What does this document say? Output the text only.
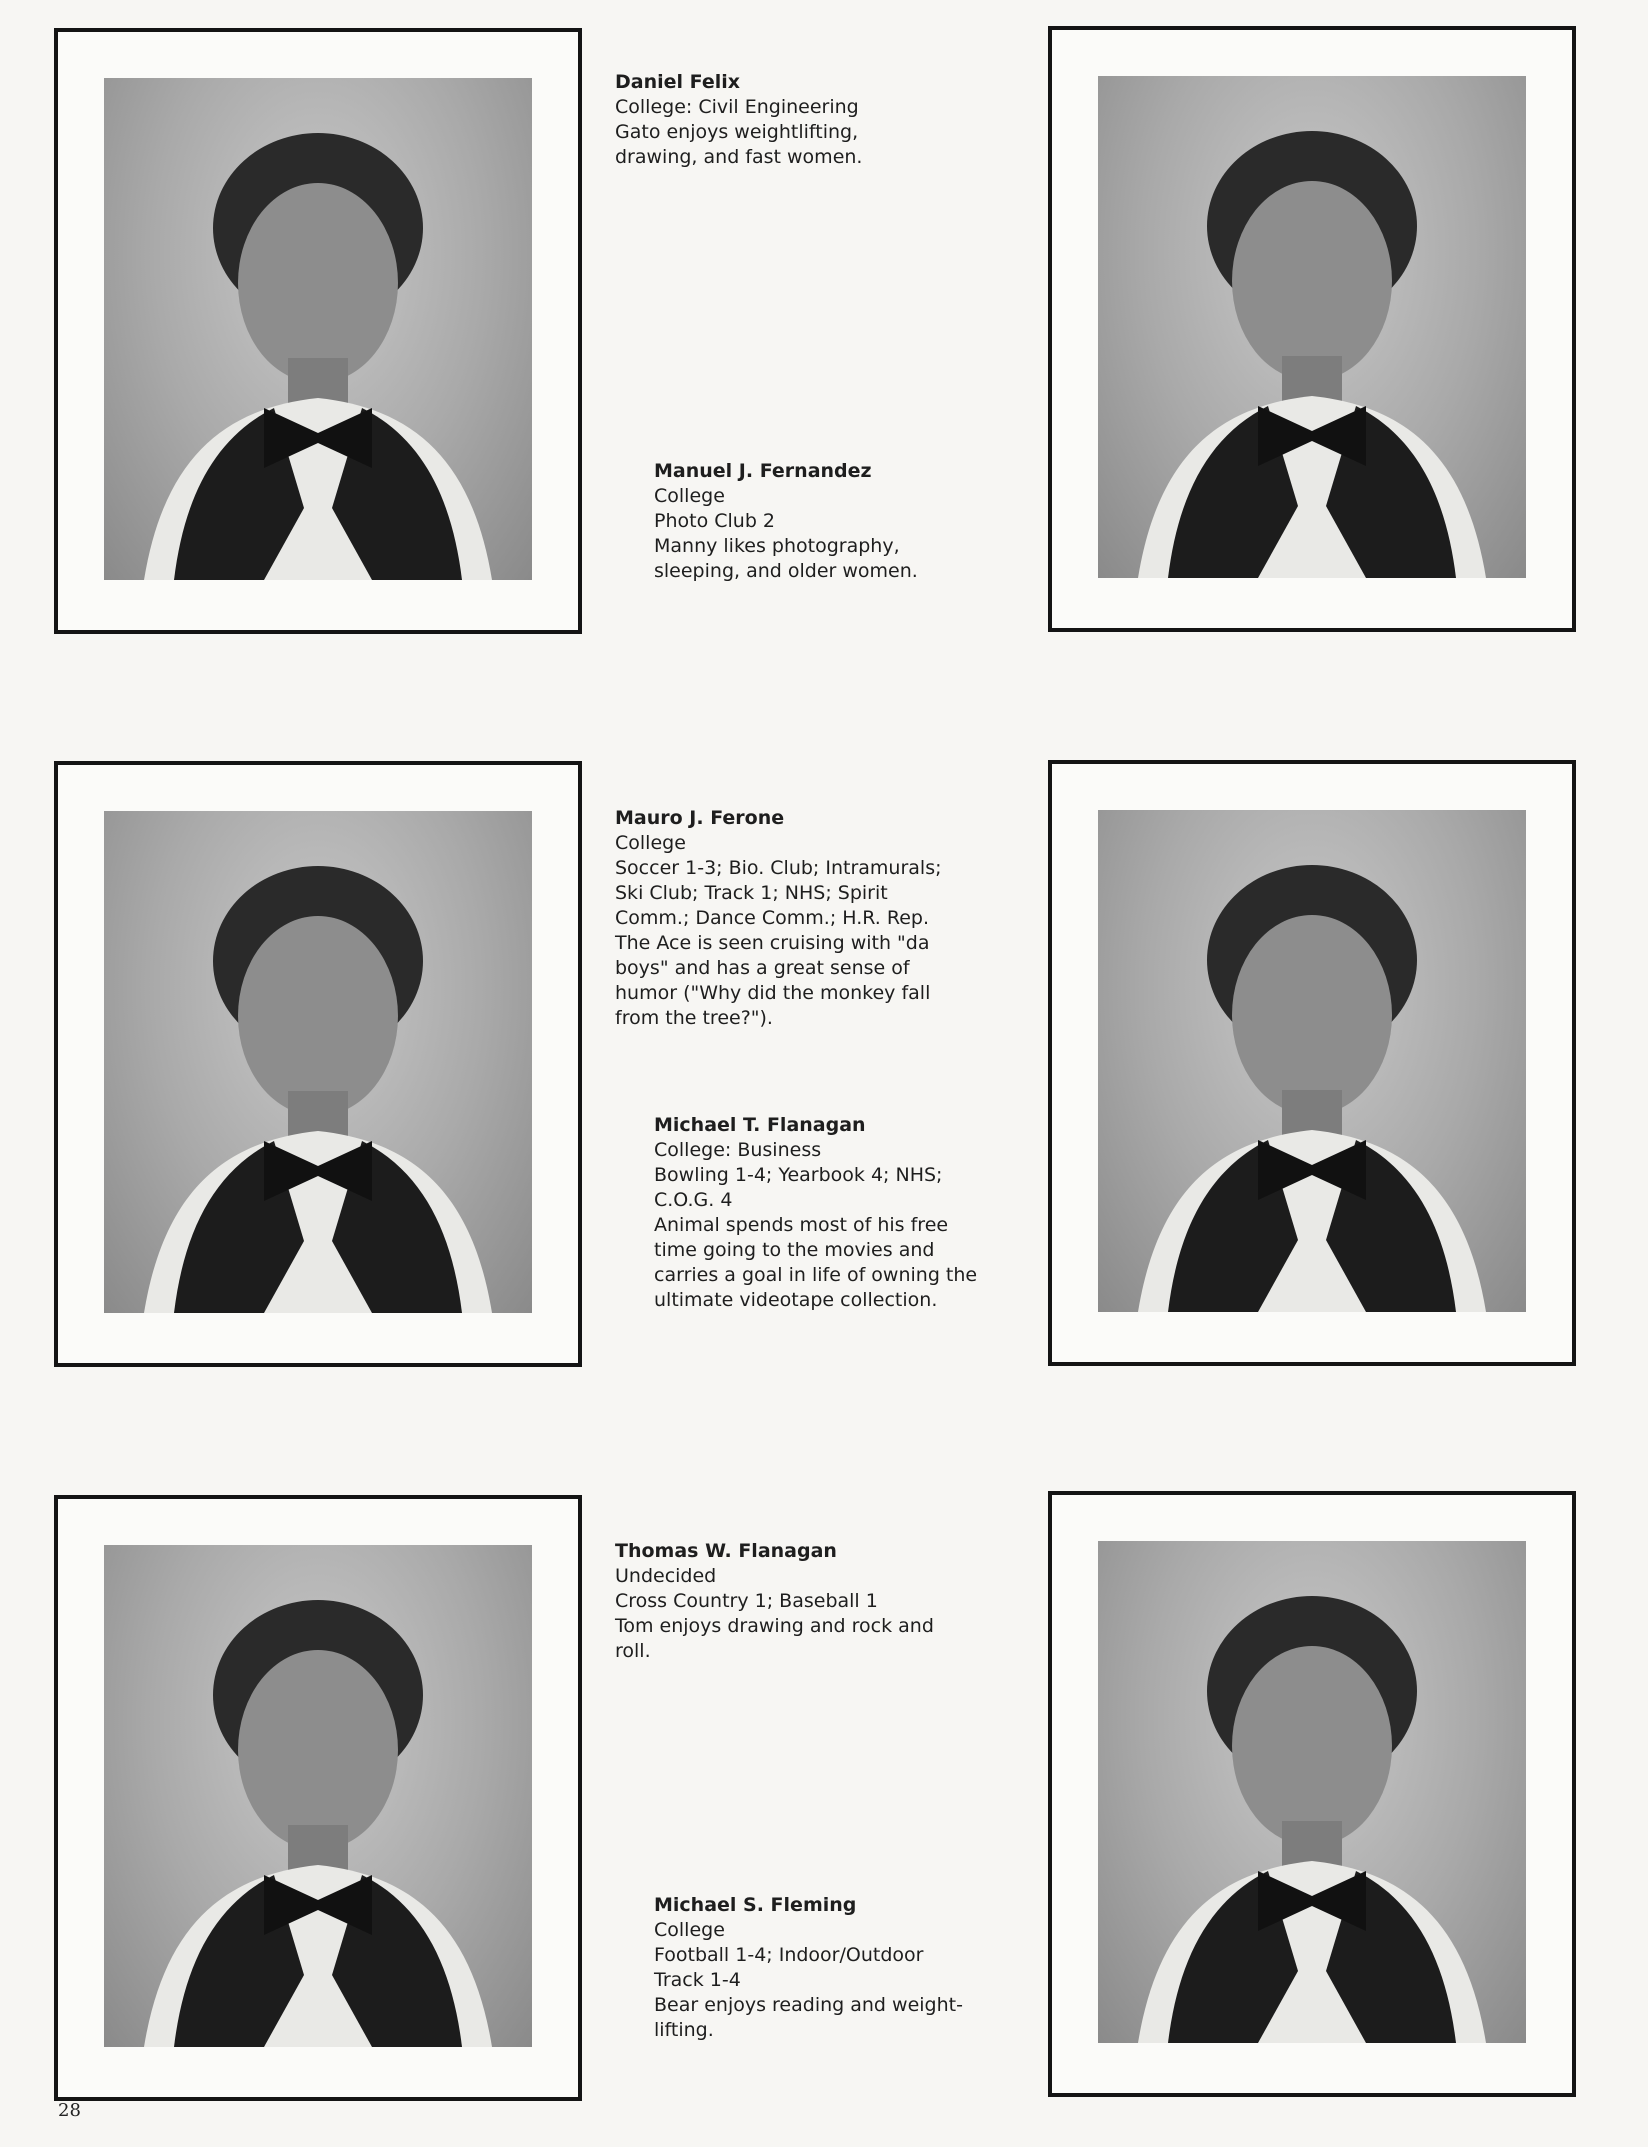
Daniel Felix
College: Civil Engineering
Gato enjoys weightlifting,
drawing, and fast women.
Manuel J. Fernandez
College
Photo Club 2
Manny likes photography,
sleeping, and older women.
Mauro J. Ferone
College
Soccer 1-3; Bio. Club; Intramurals;
Ski Club; Track 1; NHS; Spirit
Comm.; Dance Comm.; H.R. Rep.
The Ace is seen cruising with "da
boys" and has a great sense of
humor ("Why did the monkey fall
from the tree?").
Michael T. Flanagan
College: Business
Bowling 1-4; Yearbook 4; NHS;
C.O.G. 4
Animal spends most of his free
time going to the movies and
carries a goal in life of owning the
ultimate videotape collection.
Thomas W. Flanagan
Undecided
Cross Country 1; Baseball 1
Tom enjoys drawing and rock and
roll.
Michael S. Fleming
College
Football 1-4; Indoor/Outdoor
Track 1-4
Bear enjoys reading and weight-
lifting.
28
